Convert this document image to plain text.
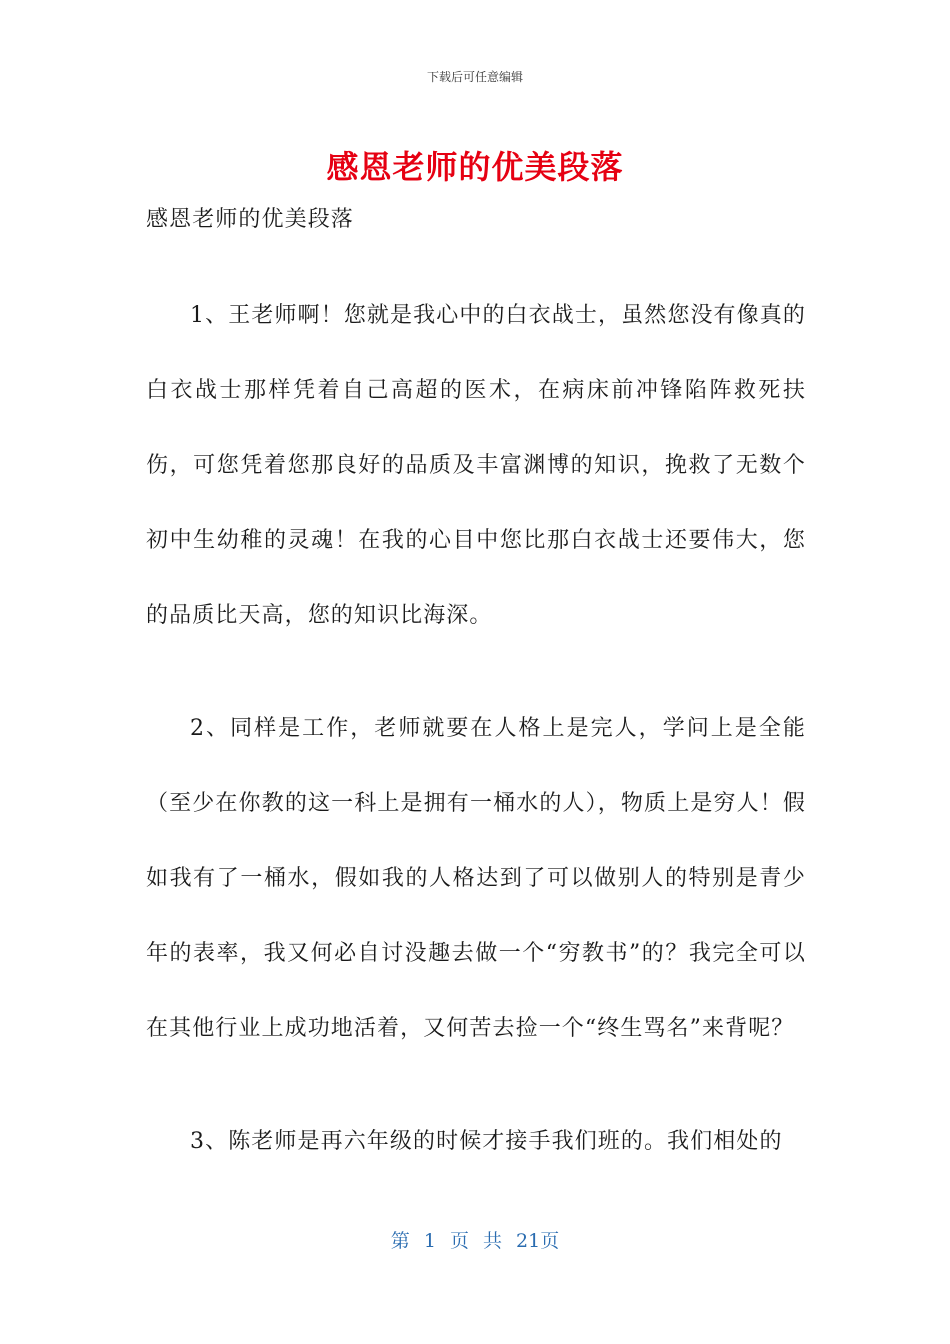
下载后可任意编辑
感恩老师的优美段落

感恩老师的优美段落

1、王老师啊！您就是我心中的白衣战士，虽然您没有像真的白衣战士那样凭着自己高超的医术，在病床前冲锋陷阵救死扶伤，可您凭着您那良好的品质及丰富渊博的知识，挽救了无数个初中生幼稚的灵魂！在我的心目中您比那白衣战士还要伟大，您的品质比天高，您的知识比海深。

2、同样是工作，老师就要在人格上是完人，学问上是全能（至少在你教的这一科上是拥有一桶水的人），物质上是穷人！假如我有了一桶水，假如我的人格达到了可以做别人的特别是青少年的表率，我又何必自讨没趣去做一个“穷教书”的？我完全可以在其他行业上成功地活着，又何苦去捡一个“终生骂名”来背呢？

3、陈老师是再六年级的时候才接手我们班的。我们相处的

第 1 页 共 21页
